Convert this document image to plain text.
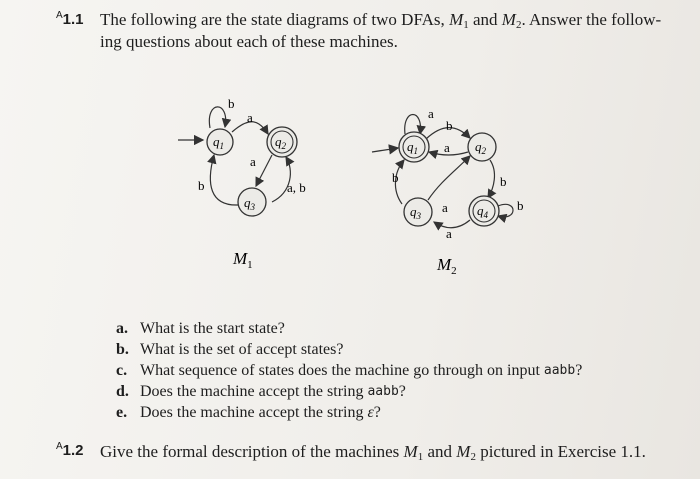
$^A$1.1 The following are the state diagrams of two DFAs, $M_1$ and $M_2$. Answer the follow-
ing questions about each of these machines.
b
a
a
a, b
b
$q_1$	$q_2$
$q_3$
$M_1$
a
b
a
b
b
a
a
b
$q_1$	$q_2$
$q_3$	$q_4$
$M_2$
a. What is the start state?
b. What is the set of accept states?
c. What sequence of states does the machine go through on input
aabb ?
d. Does the machine accept the string
aabb ?
e. Does the machine accept the string
ε ?
$^A$1.2 Give the formal description of the machines $M_1$ and $M_2$ pictured in Exercise 1.1.
